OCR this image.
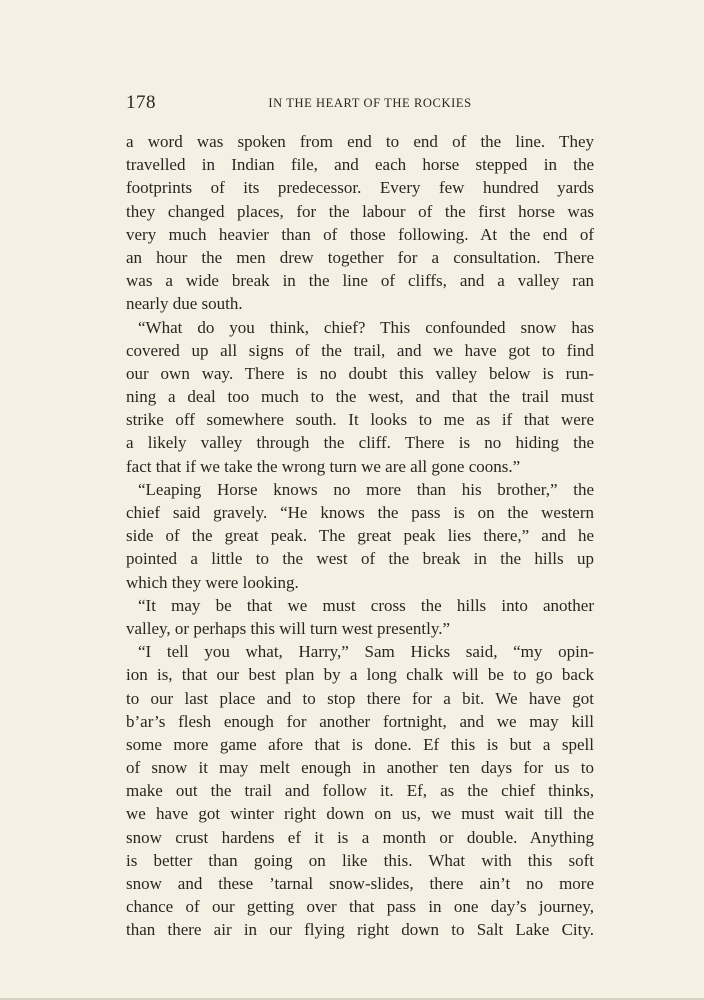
178	IN THE HEART OF THE ROCKIES
a word was spoken from end to end of the line. They
travelled in Indian file, and each horse stepped in the
footprints of its predecessor. Every few hundred yards
they changed places, for the labour of the first horse was
very much heavier than of those following. At the end of
an hour the men drew together for a consultation. There
was a wide break in the line of cliffs, and a valley ran
nearly due south.
“What do you think, chief? This confounded snow has
covered up all signs of the trail, and we have got to find
our own way. There is no doubt this valley below is run-
ning a deal too much to the west, and that the trail must
strike off somewhere south. It looks to me as if that were
a likely valley through the cliff. There is no hiding the
fact that if we take the wrong turn we are all gone coons.”
“Leaping Horse knows no more than his brother,” the
chief said gravely. “He knows the pass is on the western
side of the great peak. The great peak lies there,” and he
pointed a little to the west of the break in the hills up
which they were looking.
“It may be that we must cross the hills into another
valley, or perhaps this will turn west presently.”
“I tell you what, Harry,” Sam Hicks said, “my opin-
ion is, that our best plan by a long chalk will be to go back
to our last place and to stop there for a bit. We have got
b’ar’s flesh enough for another fortnight, and we may kill
some more game afore that is done. Ef this is but a spell
of snow it may melt enough in another ten days for us to
make out the trail and follow it. Ef, as the chief thinks,
we have got winter right down on us, we must wait till the
snow crust hardens ef it is a month or double. Anything
is better than going on like this. What with this soft
snow and these ’tarnal snow-slides, there ain’t no more
chance of our getting over that pass in one day’s journey,
than there air in our flying right down to Salt Lake City.
